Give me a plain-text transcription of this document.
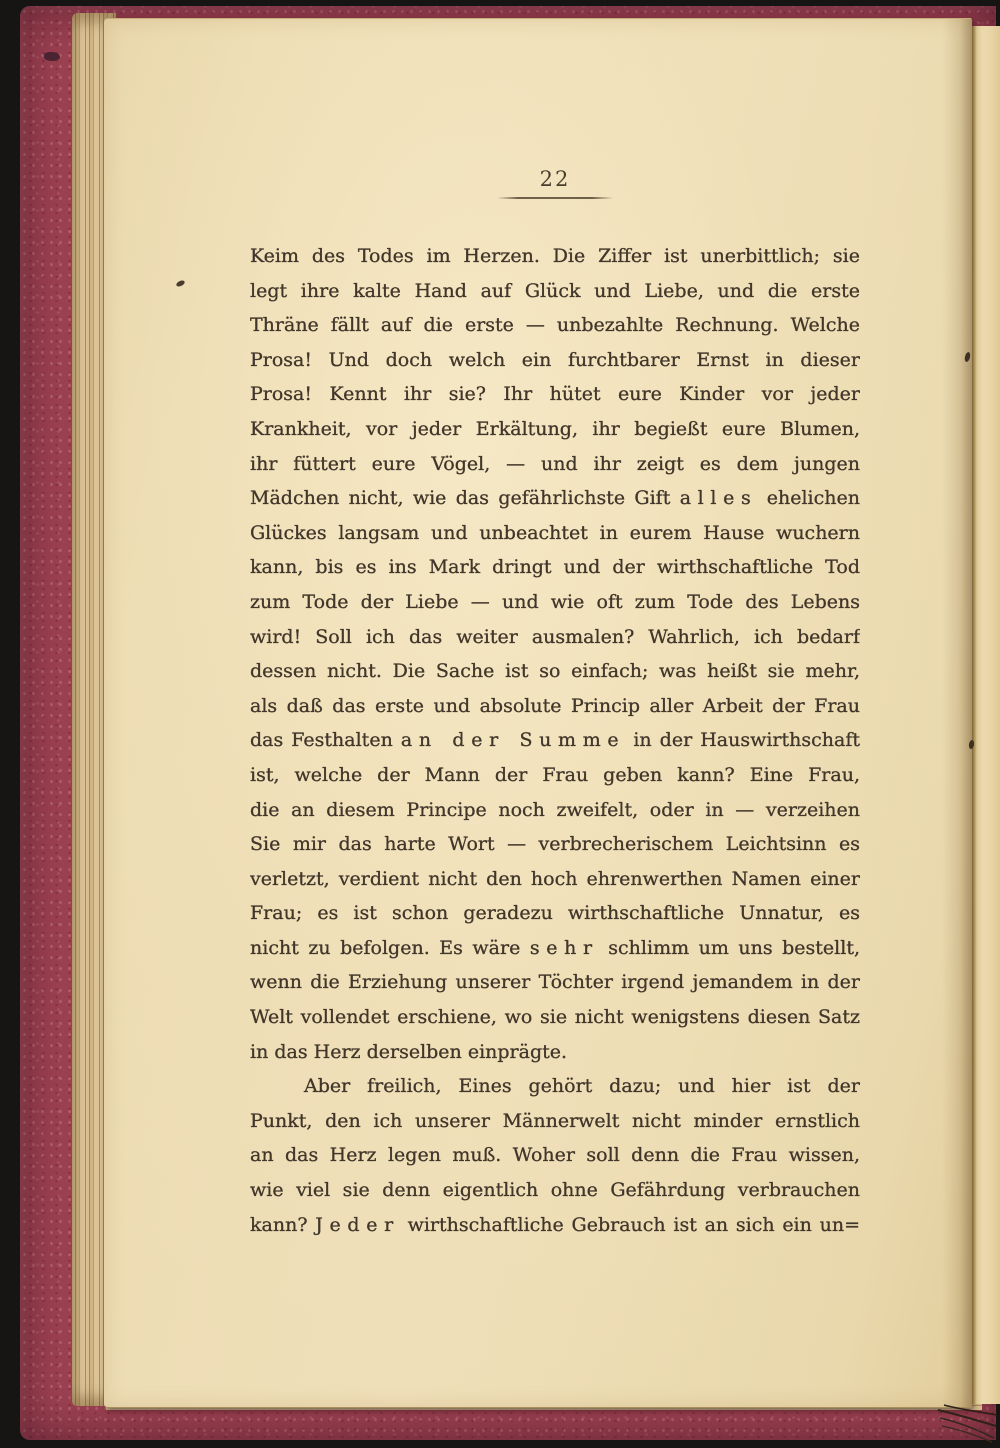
22
Keim des Todes im Herzen. Die Ziffer ist unerbittlich; sie
legt ihre kalte Hand auf Glück und Liebe, und die erste
Thräne fällt auf die erste — unbezahlte Rechnung. Welche
Prosa! Und doch welch ein furchtbarer Ernst in dieser
Prosa! Kennt ihr sie? Ihr hütet eure Kinder vor jeder
Krankheit, vor jeder Erkältung, ihr begießt eure Blumen,
ihr füttert eure Vögel, — und ihr zeigt es dem jungen
Mädchen nicht, wie das gefährlichste Gift alles ehelichen
Glückes langsam und unbeachtet in eurem Hause wuchern
kann, bis es ins Mark dringt und der wirthschaftliche Tod
zum Tode der Liebe — und wie oft zum Tode des Lebens
wird! Soll ich das weiter ausmalen? Wahrlich, ich bedarf
dessen nicht. Die Sache ist so einfach; was heißt sie mehr,
als daß das erste und absolute Princip aller Arbeit der Frau
das Festhalten an der Summe in der Hauswirthschaft
ist, welche der Mann der Frau geben kann? Eine Frau,
die an diesem Principe noch zweifelt, oder in — verzeihen
Sie mir das harte Wort — verbrecherischem Leichtsinn es
verletzt, verdient nicht den hoch ehrenwerthen Namen einer
Frau; es ist schon geradezu wirthschaftliche Unnatur, es
nicht zu befolgen. Es wäre sehr schlimm um uns bestellt,
wenn die Erziehung unserer Töchter irgend jemandem in der
Welt vollendet erschiene, wo sie nicht wenigstens diesen Satz
in das Herz derselben einprägte.
Aber freilich, Eines gehört dazu; und hier ist der
Punkt, den ich unserer Männerwelt nicht minder ernstlich
an das Herz legen muß. Woher soll denn die Frau wissen,
wie viel sie denn eigentlich ohne Gefährdung verbrauchen
kann? Jeder wirthschaftliche Gebrauch ist an sich ein un=
